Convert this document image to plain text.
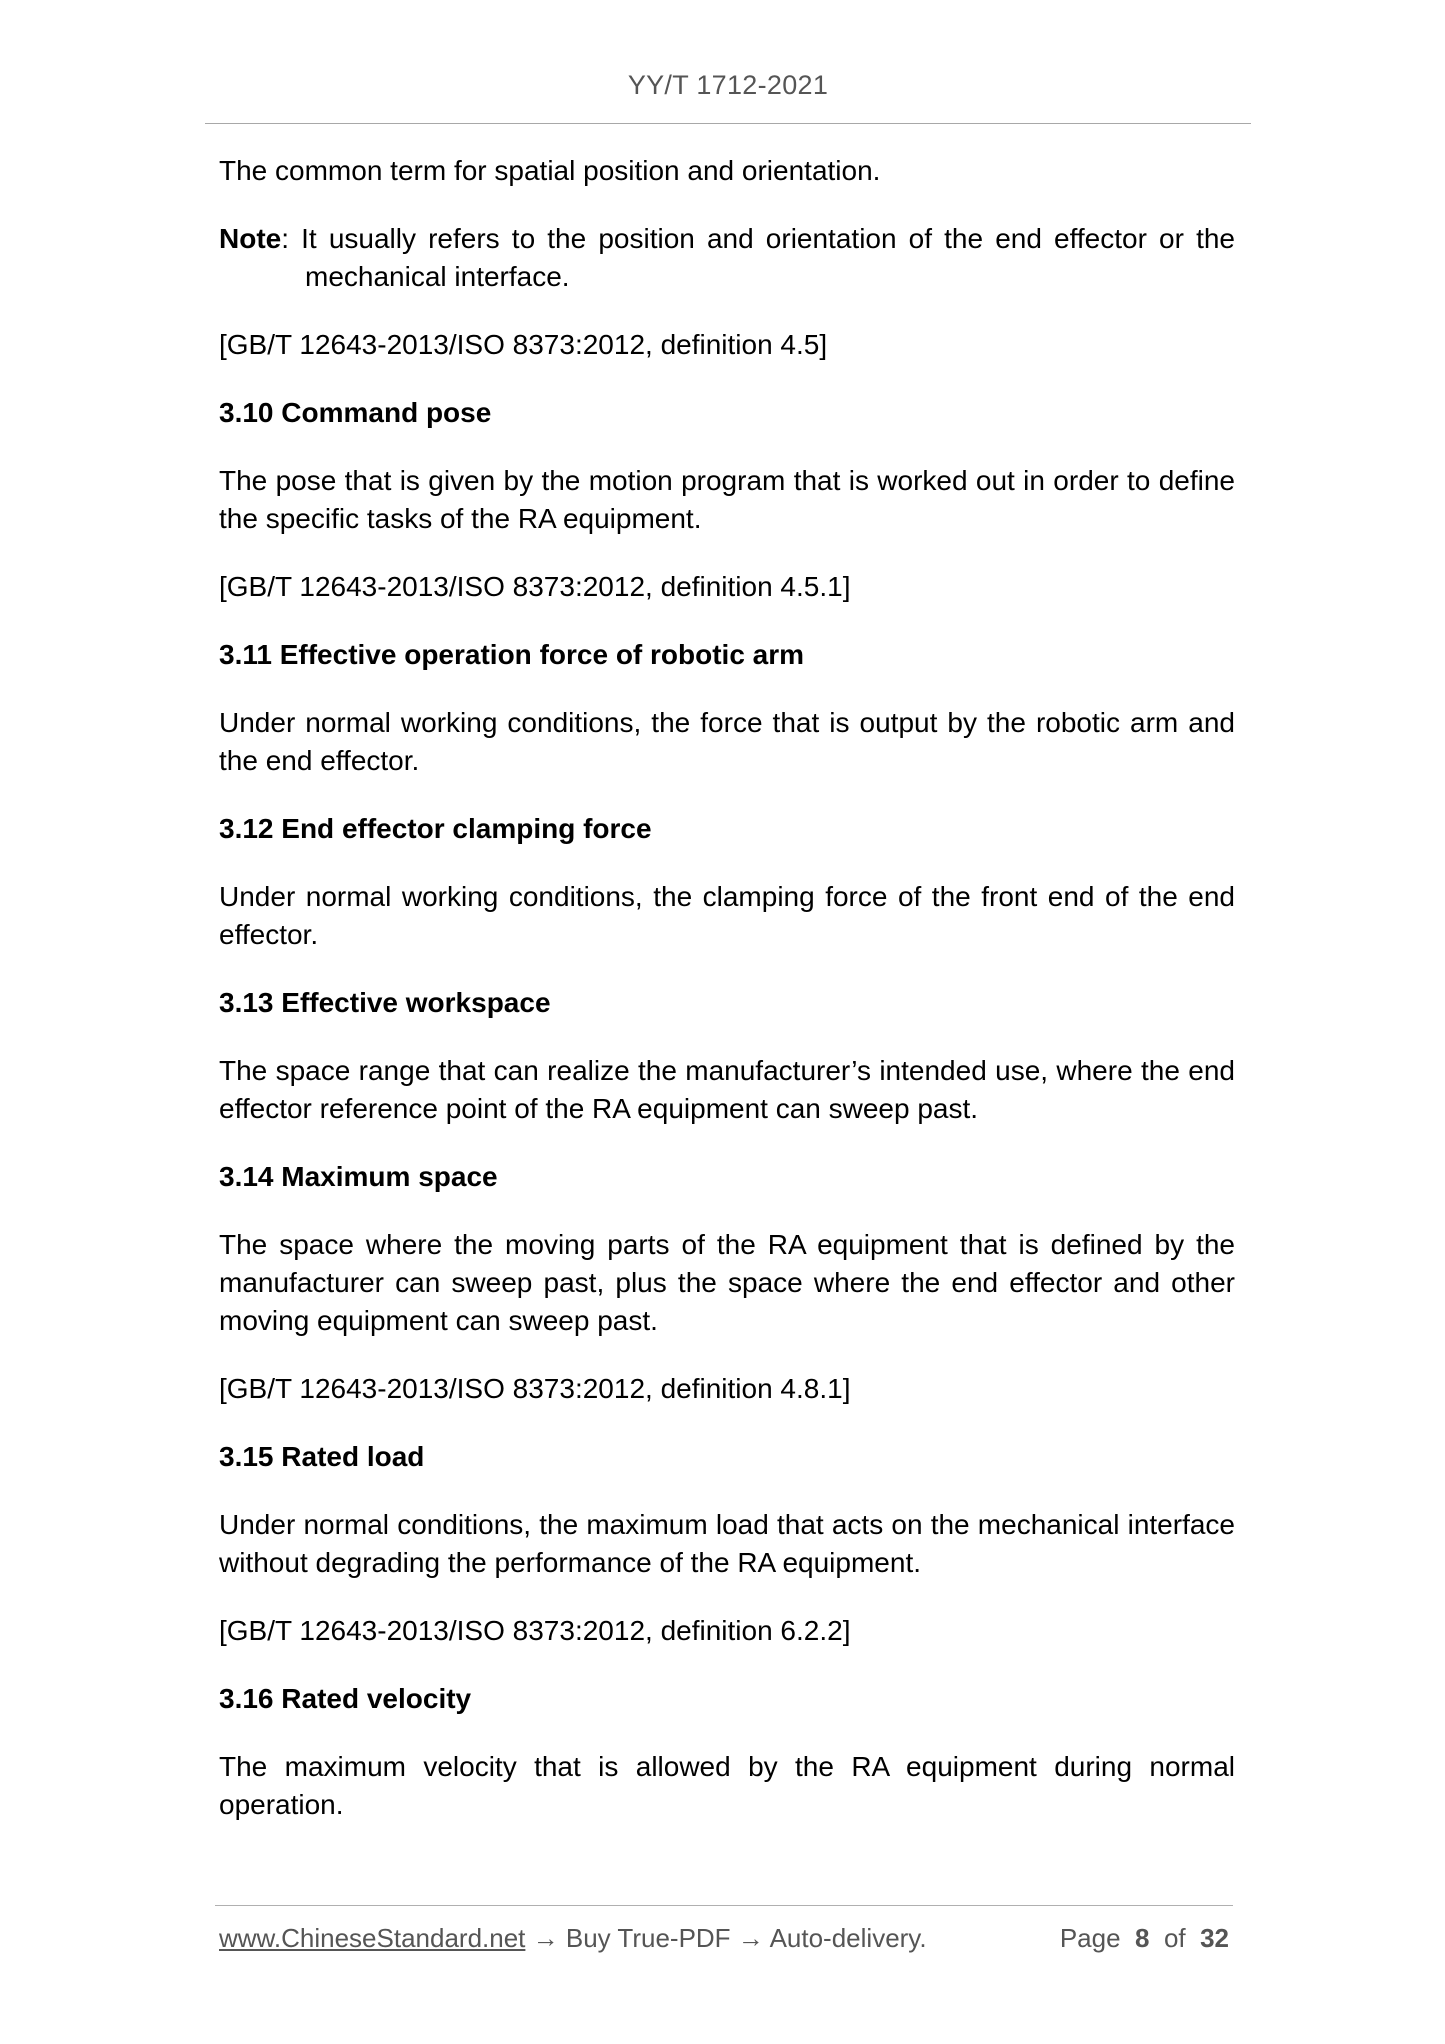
YY/T 1712-2021

The common term for spatial position and orientation.

Note: It usually refers to the position and orientation of the end effector or the mechanical interface.

[GB/T 12643-2013/ISO 8373:2012, definition 4.5]

3.10 Command pose

The pose that is given by the motion program that is worked out in order to define the specific tasks of the RA equipment.

[GB/T 12643-2013/ISO 8373:2012, definition 4.5.1]

3.11 Effective operation force of robotic arm

Under normal working conditions, the force that is output by the robotic arm and the end effector.

3.12 End effector clamping force

Under normal working conditions, the clamping force of the front end of the end effector.

3.13 Effective workspace

The space range that can realize the manufacturer’s intended use, where the end effector reference point of the RA equipment can sweep past.

3.14 Maximum space

The space where the moving parts of the RA equipment that is defined by the manufacturer can sweep past, plus the space where the end effector and other moving equipment can sweep past.

[GB/T 12643-2013/ISO 8373:2012, definition 4.8.1]

3.15 Rated load

Under normal conditions, the maximum load that acts on the mechanical interface without degrading the performance of the RA equipment.

[GB/T 12643-2013/ISO 8373:2012, definition 6.2.2]

3.16 Rated velocity

The maximum velocity that is allowed by the RA equipment during normal operation.

www.ChineseStandard.net → Buy True-PDF → Auto-delivery.	Page 8 of 32
